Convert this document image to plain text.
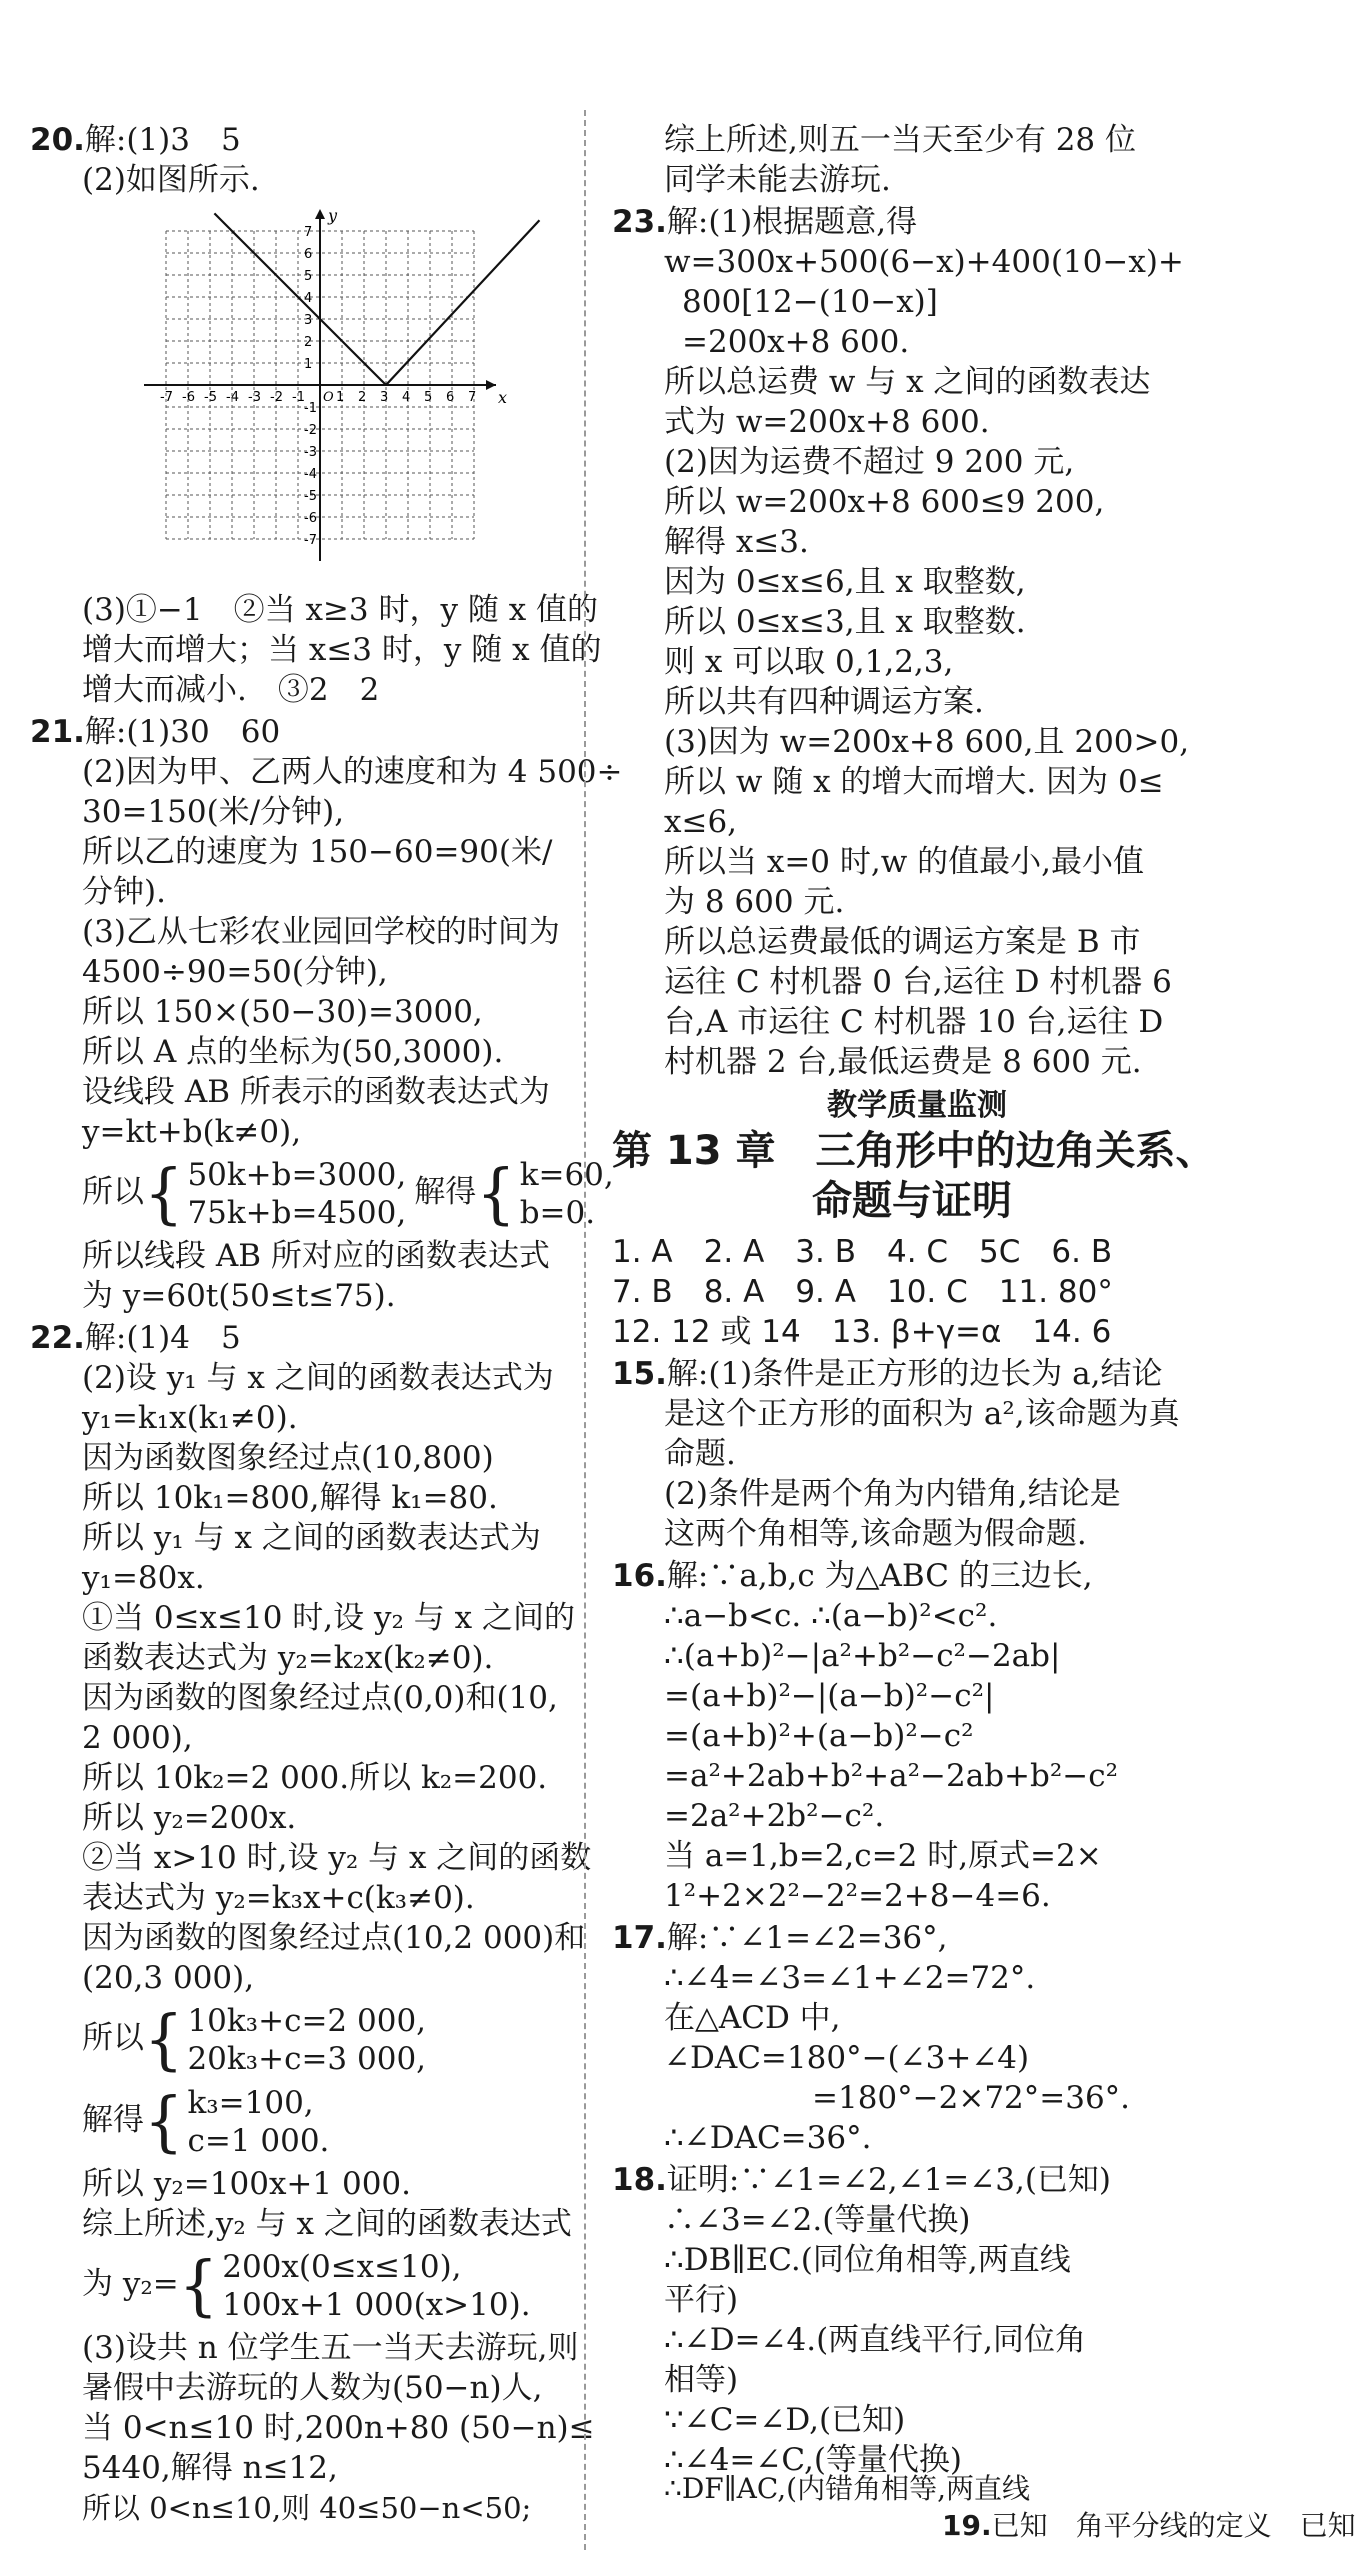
20.解:(1)3　5
(2)如图所示.
x
y
O
-7 -6 -5 -4 -3 -2 -1 1 2 3 4 5 6 7
7
6
5
4
3
2
1
-1
-2
-3
-4
-5
-6
-7
(3)①−1　②当 x≥3 时，y 随 x 值的
增大而增大；当 x≤3 时，y 随 x 值的
增大而减小.　③2　2
21.解:(1)30　60
(2)因为甲、乙两人的速度和为 4 500÷
30=150(米/分钟),
所以乙的速度为 150−60=90(米/
分钟).
(3)乙从七彩农业园回学校的时间为
4500÷90=50(分钟),
所以 150×(50−30)=3000,
所以 A 点的坐标为(50,3000).
设线段 AB 所表示的函数表达式为
y=kt+b(k≠0),
所以{ 50k+b=3000,
75k+b=4500,
解得{ k=60,
b=0.
所以线段 AB 所对应的函数表达式
为 y=60t(50≤t≤75).
22.解:(1)4　5
(2)设 y₁ 与 x 之间的函数表达式为
y₁=k₁x(k₁≠0).
因为函数图象经过点(10,800)
所以 10k₁=800,解得 k₁=80.
所以 y₁ 与 x 之间的函数表达式为
y₁=80x.
①当 0≤x≤10 时,设 y₂ 与 x 之间的
函数表达式为 y₂=k₂x(k₂≠0).
因为函数的图象经过点(0,0)和(10,
2 000),
所以 10k₂=2 000.所以 k₂=200.
所以 y₂=200x.
②当 x>10 时,设 y₂ 与 x 之间的函数
表达式为 y₂=k₃x+c(k₃≠0).
因为函数的图象经过点(10,2 000)和
(20,3 000),
所以{ 10k₃+c=2 000,
20k₃+c=3 000,
解得{ k₃=100,
c=1 000.
所以 y₂=100x+1 000.
综上所述,y₂ 与 x 之间的函数表达式
为 y₂={ 200x(0≤x≤10),
100x+1 000(x>10).
(3)设共 n 位学生五一当天去游玩,则
暑假中去游玩的人数为(50−n)人,
当 0<n≤10 时,200n+80 (50−n)≤
5440,解得 n≤12,
所以 0<n≤10,则 40≤50−n<50;
综上所述,则五一当天至少有 28 位
同学未能去游玩.
23.解:(1)根据题意,得
w=300x+500(6−x)+400(10−x)+
800[12−(10−x)]
=200x+8 600.
所以总运费 w 与 x 之间的函数表达
式为 w=200x+8 600.
(2)因为运费不超过 9 200 元,
所以 w=200x+8 600≤9 200,
解得 x≤3.
因为 0≤x≤6,且 x 取整数,
所以 0≤x≤3,且 x 取整数.
则 x 可以取 0,1,2,3,
所以共有四种调运方案.
(3)因为 w=200x+8 600,且 200>0,
所以 w 随 x 的增大而增大. 因为 0≤
x≤6,
所以当 x=0 时,w 的值最小,最小值
为 8 600 元.
所以总运费最低的调运方案是 B 市
运往 C 村机器 0 台,运往 D 村机器 6
台,A 市运往 C 村机器 10 台,运往 D
村机器 2 台,最低运费是 8 600 元.
教学质量监测
第 13 章　三角形中的边角关系、
命题与证明
1. A　2. A　3. B　4. C　5C　6. B
7. B　8. A　9. A　10. C　11. 80°
12. 12 或 14　13. β+γ=α　14. 6
15.解:(1)条件是正方形的边长为 a,结论
是这个正方形的面积为 a²,该命题为真
命题.
(2)条件是两个角为内错角,结论是
这两个角相等,该命题为假命题.
16.解:∵a,b,c 为△ABC 的三边长,
∴a−b<c. ∴(a−b)²<c².
∴(a+b)²−|a²+b²−c²−2ab|
=(a+b)²−|(a−b)²−c²|
=(a+b)²+(a−b)²−c²
=a²+2ab+b²+a²−2ab+b²−c²
=2a²+2b²−c².
当 a=1,b=2,c=2 时,原式=2×
1²+2×2²−2²=2+8−4=6.
17.解:∵∠1=∠2=36°,
∴∠4=∠3=∠1+∠2=72°.
在△ACD 中,
∠DAC=180°−(∠3+∠4)
=180°−2×72°=36°.
∴∠DAC=36°.
18.证明:∵∠1=∠2,∠1=∠3,(已知)
∴∠3=∠2.(等量代换)
∴DB∥EC.(同位角相等,两直线
平行)
∴∠D=∠4.(两直线平行,同位角
相等)
∵∠C=∠D,(已知)
∴∠4=∠C,(等量代换)
∴DF∥AC,(内错角相等,两直线
19.已知　角平分线的定义　已知
